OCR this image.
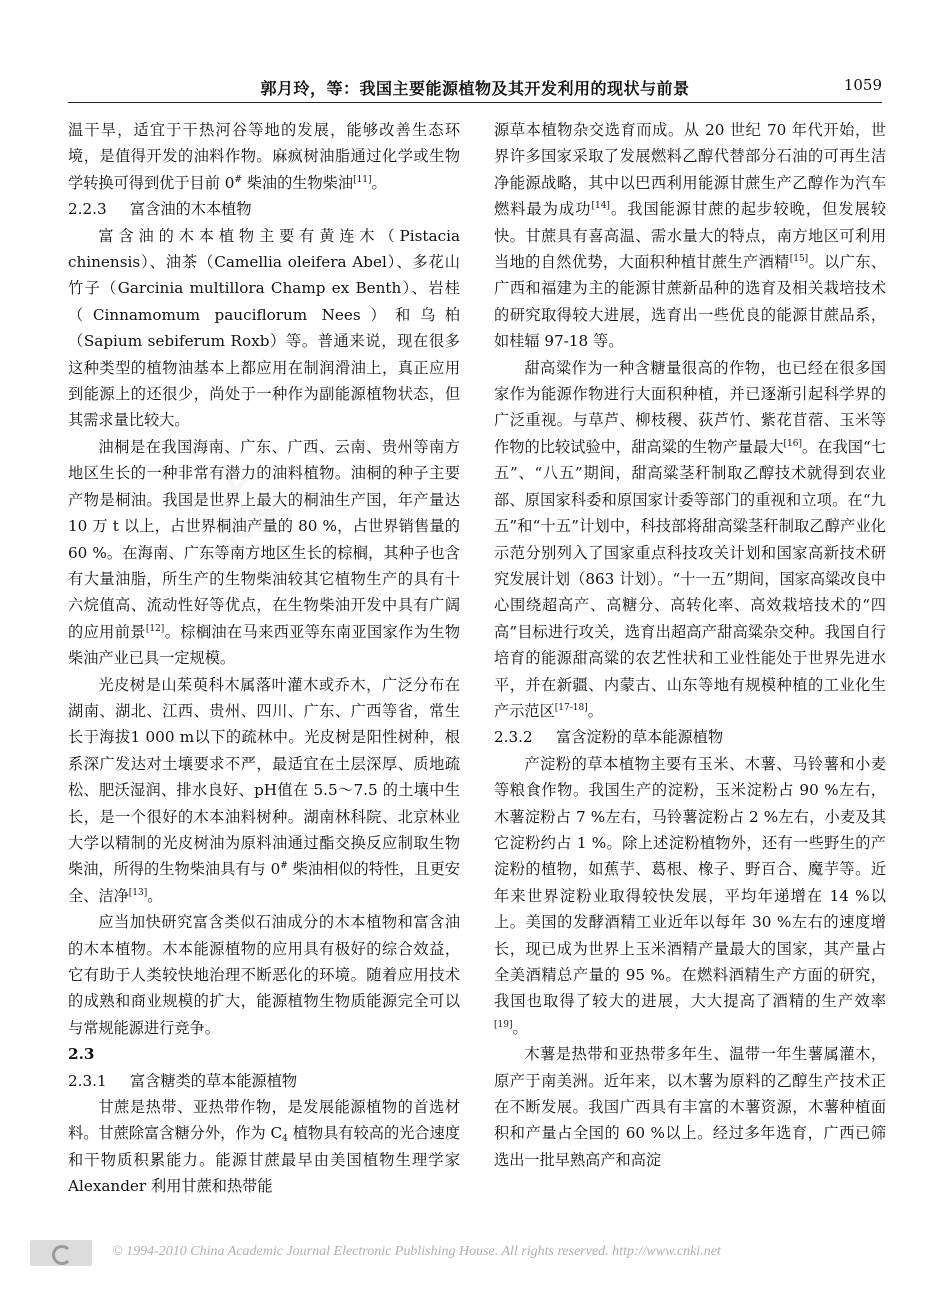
郭月玲，等：我国主要能源植物及其开发利用的现状与前景	1059

温干旱，适宜于干热河谷等地的发展，能够改善生态环境，是值得开发的油料作物。麻疯树油脂通过化学或生物学转换可得到优于目前 0# 柴油的生物柴油[11]。

2.2.3 富含油的木本植物

富含油的木本植物主要有黄连木（Pistacia chinensis）、油茶（Camellia oleifera Abel）、多花山竹子（Garcinia multillora Champ ex Benth）、岩桂（Cinnamomum pauciflorum Nees）和乌柏（Sapium sebiferum Roxb）等。普通来说，现在很多这种类型的植物油基本上都应用在制润滑油上，真正应用到能源上的还很少，尚处于一种作为副能源植物状态，但其需求量比较大。

油桐是在我国海南、广东、广西、云南、贵州等南方地区生长的一种非常有潜力的油料植物。油桐的种子主要产物是桐油。我国是世界上最大的桐油生产国，年产量达 10 万 t 以上，占世界桐油产量的 80 %，占世界销售量的 60 %。在海南、广东等南方地区生长的棕榈，其种子也含有大量油脂，所生产的生物柴油较其它植物生产的具有十六烷值高、流动性好等优点，在生物柴油开发中具有广阔的应用前景[12]。棕榈油在马来西亚等东南亚国家作为生物柴油产业已具一定规模。

光皮树是山茱萸科木属落叶灌木或乔木，广泛分布在湖南、湖北、江西、贵州、四川、广东、广西等省，常生长于海拔1 000 m以下的疏林中。光皮树是阳性树种，根系深广发达对土壤要求不严，最适宜在土层深厚、质地疏松、肥沃湿润、排水良好、pH值在 5.5～7.5 的土壤中生长，是一个很好的木本油料树种。湖南林科院、北京林业大学以精制的光皮树油为原料油通过酯交换反应制取生物柴油，所得的生物柴油具有与 0# 柴油相似的特性，且更安全、洁净[13]。

应当加快研究富含类似石油成分的木本植物和富含油的木本植物。木本能源植物的应用具有极好的综合效益，它有助于人类较快地治理不断恶化的环境。随着应用技术的成熟和商业规模的扩大，能源植物生物质能源完全可以与常规能源进行竞争。

2.3
2.3.1 富含糖类的草本能源植物

甘蔗是热带、亚热带作物，是发展能源植物的首选材料。甘蔗除富含糖分外，作为 $C_4$ 植物具有较高的光合速度和干物质积累能力。能源甘蔗最早由美国植物生理学家 Alexander 利用甘蔗和热带能

源草本植物杂交选育而成。从 20 世纪 70 年代开始，世界许多国家采取了发展燃料乙醇代替部分石油的可再生洁净能源战略，其中以巴西利用能源甘蔗生产乙醇作为汽车燃料最为成功[14]。我国能源甘蔗的起步较晚，但发展较快。甘蔗具有喜高温、需水量大的特点，南方地区可利用当地的自然优势，大面积种植甘蔗生产酒精[15]。以广东、广西和福建为主的能源甘蔗新品种的选育及相关栽培技术的研究取得较大进展，选育出一些优良的能源甘蔗品系，如桂辐 97-18 等。

甜高粱作为一种含糖量很高的作物，也已经在很多国家作为能源作物进行大面积种植，并已逐渐引起科学界的广泛重视。与草芦、柳枝稷、荻芦竹、紫花苜蓿、玉米等作物的比较试验中，甜高粱的生物产量最大[16]。在我国“七五”、“八五”期间，甜高粱茎秆制取乙醇技术就得到农业部、原国家科委和原国家计委等部门的重视和立项。在“九五”和“十五”计划中，科技部将甜高粱茎秆制取乙醇产业化示范分别列入了国家重点科技攻关计划和国家高新技术研究发展计划（863 计划）。“十一五”期间，国家高粱改良中心围绕超高产、高糖分、高转化率、高效栽培技术的“四高”目标进行攻关，选育出超高产甜高粱杂交种。我国自行培育的能源甜高粱的农艺性状和工业性能处于世界先进水平，并在新疆、内蒙古、山东等地有规模种植的工业化生产示范区[17-18]。

2.3.2 富含淀粉的草本能源植物

产淀粉的草本植物主要有玉米、木薯、马铃薯和小麦等粮食作物。我国生产的淀粉，玉米淀粉占 90 %左右，木薯淀粉占 7 %左右，马铃薯淀粉占 2 %左右，小麦及其它淀粉约占 1 %。除上述淀粉植物外，还有一些野生的产淀粉的植物，如蕉芋、葛根、橡子、野百合、魔芋等。近年来世界淀粉业取得较快发展，平均年递增在 14 %以上。美国的发酵酒精工业近年以每年 30 %左右的速度增长，现已成为世界上玉米酒精产量最大的国家，其产量占全美酒精总产量的 95 %。在燃料酒精生产方面的研究，我国也取得了较大的进展，大大提高了酒精的生产效率[19]。

木薯是热带和亚热带多年生、温带一年生薯属灌木，原产于南美洲。近年来，以木薯为原料的乙醇生产技术正在不断发展。我国广西具有丰富的木薯资源，木薯种植面积和产量占全国的 60 %以上。经过多年选育，广西已筛选出一批早熟高产和高淀

© 1994-2010 China Academic Journal Electronic Publishing House. All rights reserved. http://www.cnki.net
